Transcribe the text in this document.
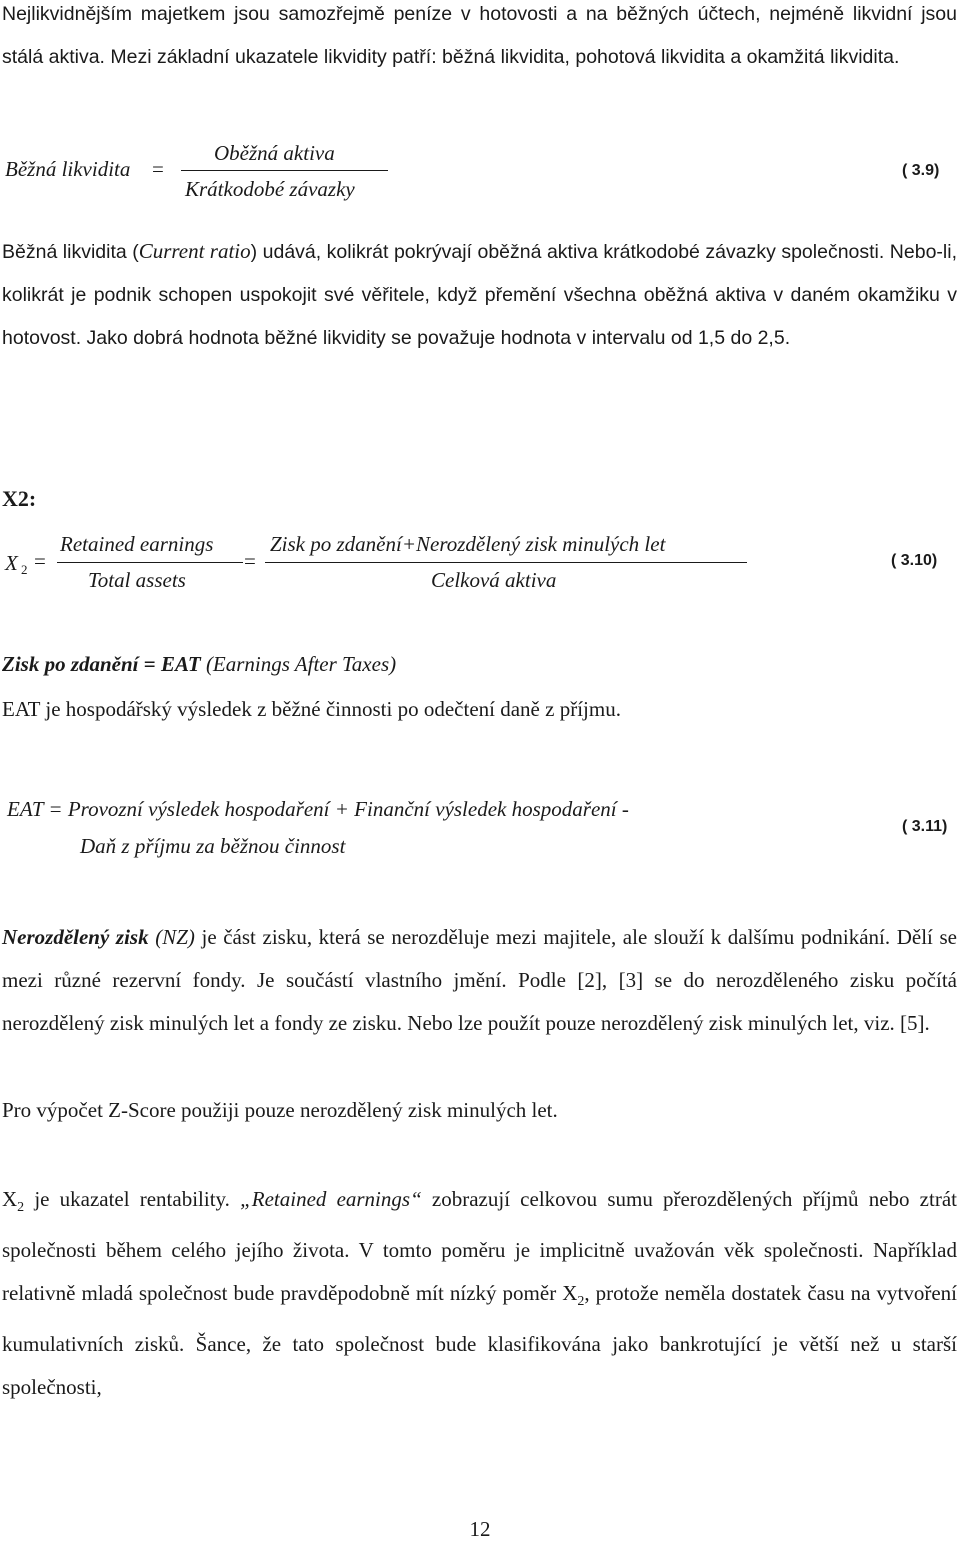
Nejlikvidnějším majetkem jsou samozřejmě peníze v hotovosti a na běžných účtech, nejméně likvidní jsou stálá aktiva. Mezi základní ukazatele likvidity patří: běžná likvidita, pohotová likvidita a okamžitá likvidita.
Běžná likvidita =
Oběžná aktiva
Krátkodobé závazky
( 3.9)
Běžná likvidita (Current ratio) udává, kolikrát pokrývají oběžná aktiva krátkodobé závazky společnosti. Nebo-li, kolikrát je podnik schopen uspokojit své věřitele, když přemění všechna oběžná aktiva v daném okamžiku v hotovost. Jako dobrá hodnota běžné likvidity se považuje hodnota v intervalu od 1,5 do 2,5.
X2:
X 2 =
Retained earnings
Total assets
=
Zisk po zdanění+Nerozdělený zisk minulých let
Celková aktiva
( 3.10)
Zisk po zdanění = EAT (Earnings After Taxes)
EAT je hospodářský výsledek z běžné činnosti po odečtení daně z příjmu.
EAT = Provozní výsledek hospodaření + Finanční výsledek hospodaření -
Daň z příjmu za běžnou činnost
( 3.11)
Nerozdělený zisk (NZ) je část zisku, která se nerozděluje mezi majitele, ale slouží k dalšímu podnikání. Dělí se mezi různé rezervní fondy. Je součástí vlastního jmění. Podle [2], [3] se do nerozděleného zisku počítá nerozdělený zisk minulých let a fondy ze zisku. Nebo lze použít pouze nerozdělený zisk minulých let, viz. [5].
Pro výpočet Z-Score použiji pouze nerozdělený zisk minulých let.
$X_2$ je ukazatel rentability. „Retained earnings“ zobrazují celkovou sumu přerozdělených příjmů nebo ztrát společnosti během celého jejího života. V tomto poměru je implicitně uvažován věk společnosti. Například relativně mladá společnost bude pravděpodobně mít nízký poměr $X_2$, protože neměla dostatek času na vytvoření kumulativních zisků. Šance, že tato společnost bude klasifikována jako bankrotující je větší než u starší společnosti,
12
